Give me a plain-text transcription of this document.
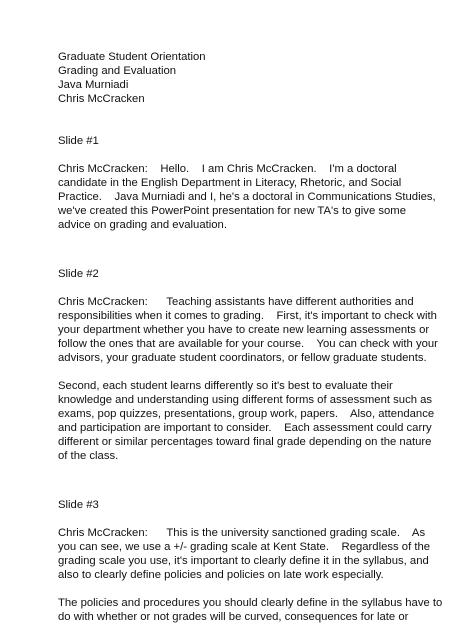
Graduate Student Orientation
Grading and Evaluation
Java Murniadi
Chris McCracken
Slide #1

Chris McCracken:    Hello.    I am Chris McCracken.    I'm a doctoral
candidate in the English Department in Literacy, Rhetoric, and Social
Practice.    Java Murniadi and I, he's a doctoral in Communications Studies,
we've created this PowerPoint presentation for new TA's to give some
advice on grading and evaluation.

Slide #2

Chris McCracken:      Teaching assistants have different authorities and
responsibilities when it comes to grading.    First, it's important to check with
your department whether you have to create new learning assessments or
follow the ones that are available for your course.    You can check with your
advisors, your graduate student coordinators, or fellow graduate students.

Second, each student learns differently so it's best to evaluate their
knowledge and understanding using different forms of assessment such as
exams, pop quizzes, presentations, group work, papers.    Also, attendance
and participation are important to consider.    Each assessment could carry
different or similar percentages toward final grade depending on the nature
of the class.

Slide #3

Chris McCracken:      This is the university sanctioned grading scale.    As
you can see, we use a +/- grading scale at Kent State.    Regardless of the
grading scale you use, it's important to clearly define it in the syllabus, and
also to clearly define policies and policies on late work especially.

The policies and procedures you should clearly define in the syllabus have to
do with whether or not grades will be curved, consequences for late or
